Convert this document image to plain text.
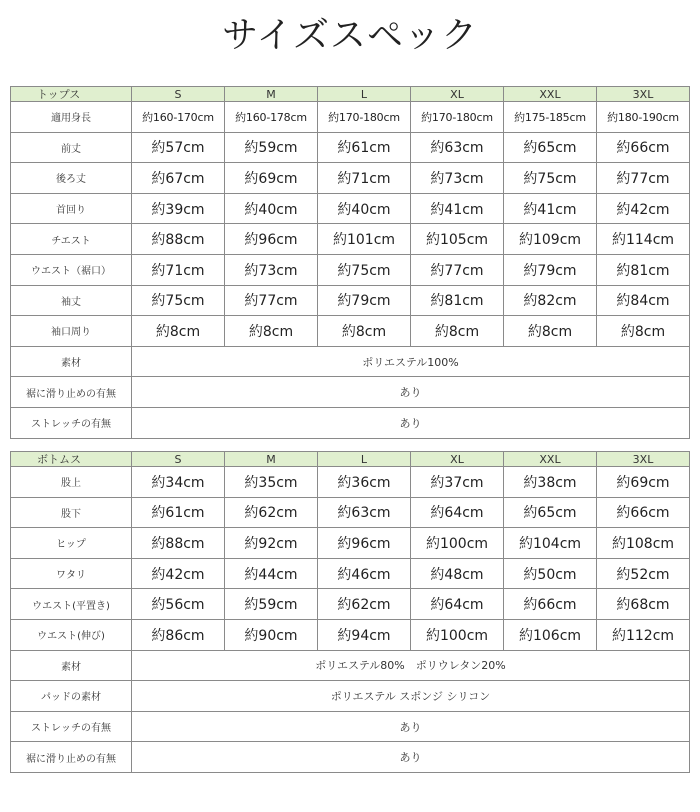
サイズスペック
トップス	S	M	L	XL	XXL	3XL
適用身長	約160-170cm	約160-178cm	約170-180cm	約170-180cm	約175-185cm	約180-190cm
前丈	約57cm	約59cm	約61cm	約63cm	約65cm	約66cm
後ろ丈	約67cm	約69cm	約71cm	約73cm	約75cm	約77cm
首回り	約39cm	約40cm	約40cm	約41cm	約41cm	約42cm
チエスト	約88cm	約96cm	約101cm	約105cm	約109cm	約114cm
ウエスト（裾口）	約71cm	約73cm	約75cm	約77cm	約79cm	約81cm
袖丈	約75cm	約77cm	約79cm	約81cm	約82cm	約84cm
袖口周り	約8cm	約8cm	約8cm	約8cm	約8cm	約8cm
素材	ポリエステル100%					
裾に滑り止めの有無	あり					
ストレッチの有無	あり					
ボトムス	S	M	L	XL	XXL	3XL
股上	約34cm	約35cm	約36cm	約37cm	約38cm	約69cm
股下	約61cm	約62cm	約63cm	約64cm	約65cm	約66cm
ヒップ	約88cm	約92cm	約96cm	約100cm	約104cm	約108cm
ワタリ	約42cm	約44cm	約46cm	約48cm	約50cm	約52cm
ウエスト(平置き)	約56cm	約59cm	約62cm	約64cm	約66cm	約68cm
ウエスト(伸び)	約86cm	約90cm	約94cm	約100cm	約106cm	約112cm
素材	ポリエステル80%　ポリウレタン20%					
パッドの素材	ポリエステル スポンジ シリコン					
ストレッチの有無	あり					
裾に滑り止めの有無	あり					
